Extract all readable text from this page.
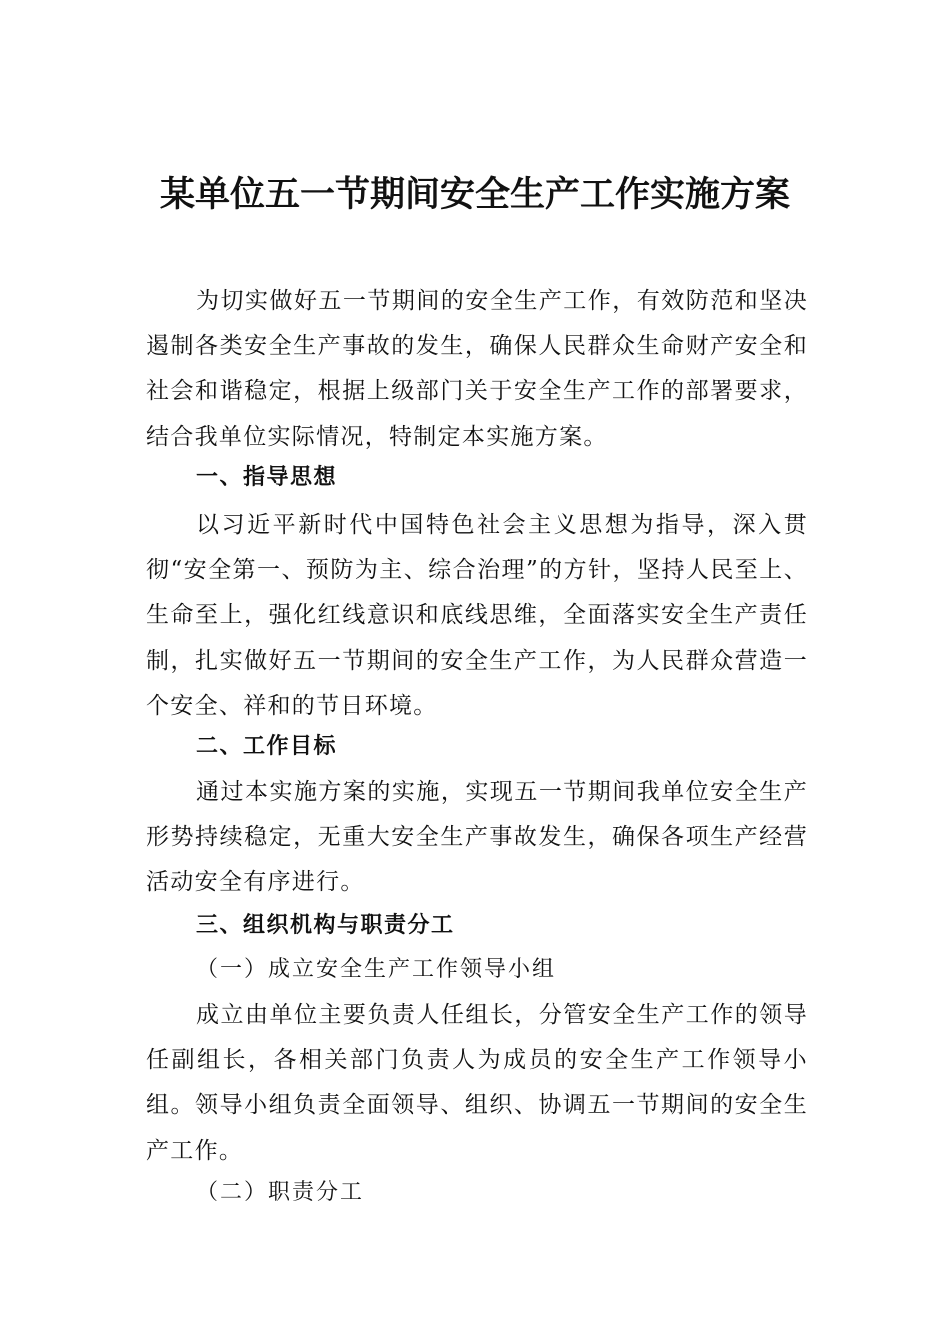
某单位五一节期间安全生产工作实施方案

为切实做好五一节期间的安全生产工作，有效防范和坚决遏制各类安全生产事故的发生，确保人民群众生命财产安全和社会和谐稳定，根据上级部门关于安全生产工作的部署要求，结合我单位实际情况，特制定本实施方案。

一、指导思想

以习近平新时代中国特色社会主义思想为指导，深入贯彻“安全第一、预防为主、综合治理”的方针，坚持人民至上、生命至上，强化红线意识和底线思维，全面落实安全生产责任制，扎实做好五一节期间的安全生产工作，为人民群众营造一个安全、祥和的节日环境。

二、工作目标

通过本实施方案的实施，实现五一节期间我单位安全生产形势持续稳定，无重大安全生产事故发生，确保各项生产经营活动安全有序进行。

三、组织机构与职责分工
（一）成立安全生产工作领导小组

成立由单位主要负责人任组长，分管安全生产工作的领导任副组长，各相关部门负责人为成员的安全生产工作领导小组。领导小组负责全面领导、组织、协调五一节期间的安全生产工作。

（二）职责分工
